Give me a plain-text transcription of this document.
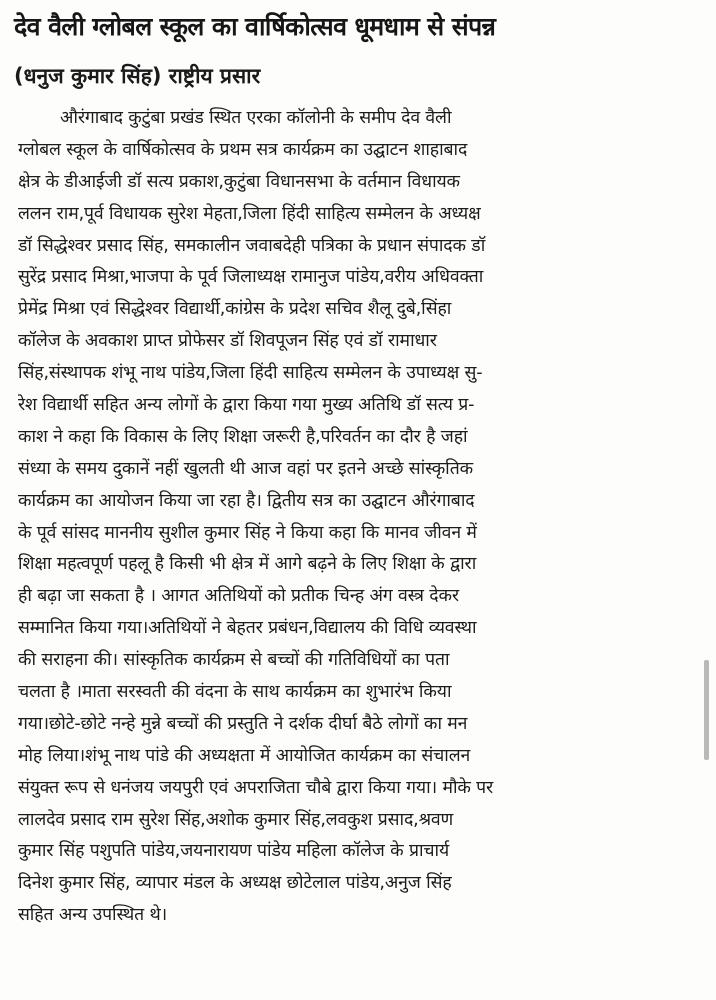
देव वैली ग्लोबल स्कूल का वार्षिकोत्सव धूमधाम से संपन्न
(धनुज कुमार सिंह) राष्ट्रीय प्रसार
औरंगाबाद कुटुंबा प्रखंड स्थित एरका कॉलोनी के समीप देव वैली
ग्लोबल स्कूल के वार्षिकोत्सव के प्रथम सत्र कार्यक्रम का उद्घाटन शाहाबाद
क्षेत्र के डीआईजी डॉ सत्य प्रकाश,कुटुंबा विधानसभा के वर्तमान विधायक
ललन राम,पूर्व विधायक सुरेश मेहता,जिला हिंदी साहित्य सम्मेलन के अध्यक्ष
डॉ सिद्धेश्वर प्रसाद सिंह, समकालीन जवाबदेही पत्रिका के प्रधान संपादक डॉ
सुरेंद्र प्रसाद मिश्रा,भाजपा के पूर्व जिलाध्यक्ष रामानुज पांडेय,वरीय अधिवक्ता
प्रेमेंद्र मिश्रा एवं सिद्धेश्वर विद्यार्थी,कांग्रेस के प्रदेश सचिव शैलू दुबे,सिंहा
कॉलेज के अवकाश प्राप्त प्रोफेसर डॉ शिवपूजन सिंह एवं डॉ रामाधार
सिंह,संस्थापक शंभू नाथ पांडेय,जिला हिंदी साहित्य सम्मेलन के उपाध्यक्ष सु-
रेश विद्यार्थी सहित अन्य लोगों के द्वारा किया गया मुख्य अतिथि डॉ सत्य प्र-
काश ने कहा कि विकास के लिए शिक्षा जरूरी है,परिवर्तन का दौर है जहां
संध्या के समय दुकानें नहीं खुलती थी आज वहां पर इतने अच्छे सांस्कृतिक
कार्यक्रम का आयोजन किया जा रहा है। द्वितीय सत्र का उद्घाटन औरंगाबाद
के पूर्व सांसद माननीय सुशील कुमार सिंह ने किया कहा कि मानव जीवन में
शिक्षा महत्वपूर्ण पहलू है किसी भी क्षेत्र में आगे बढ़ने के लिए शिक्षा के द्वारा
ही बढ़ा जा सकता है । आगत अतिथियों को प्रतीक चिन्ह अंग वस्त्र देकर
सम्मानित किया गया।अतिथियों ने बेहतर प्रबंधन,विद्यालय की विधि व्यवस्था
की सराहना की। सांस्कृतिक कार्यक्रम से बच्चों की गतिविधियों का पता
चलता है ।माता सरस्वती की वंदना के साथ कार्यक्रम का शुभारंभ किया
गया।छोटे-छोटे नन्हे मुन्ने बच्चों की प्रस्तुति ने दर्शक दीर्घा बैठे लोगों का मन
मोह लिया।शंभू नाथ पांडे की अध्यक्षता में आयोजित कार्यक्रम का संचालन
संयुक्त रूप से धनंजय जयपुरी एवं अपराजिता चौबे द्वारा किया गया। मौके पर
लालदेव प्रसाद राम सुरेश सिंह,अशोक कुमार सिंह,लवकुश प्रसाद,श्रवण
कुमार सिंह पशुपति पांडेय,जयनारायण पांडेय महिला कॉलेज के प्राचार्य
दिनेश कुमार सिंह, व्यापार मंडल के अध्यक्ष छोटेलाल पांडेय,अनुज सिंह
सहित अन्य उपस्थित थे।
